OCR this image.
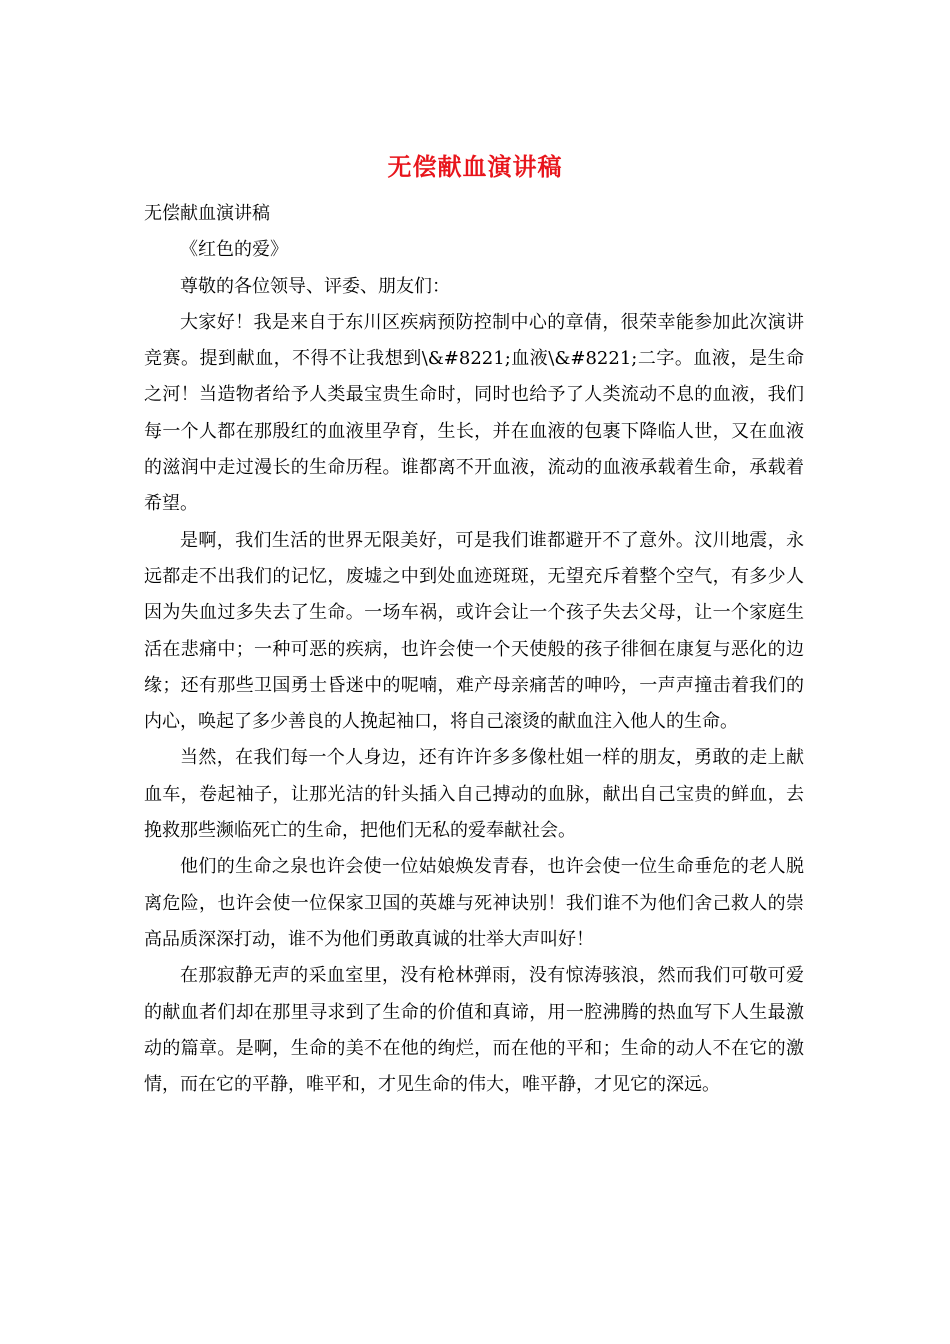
无偿献血演讲稿

无偿献血演讲稿

《红色的爱》

尊敬的各位领导、评委、朋友们：

大家好！我是来自于东川区疾病预防控制中心的章倩，很荣幸能参加此次演讲竞赛。提到献血，不得不让我想到\&#8221;血液\&#8221;二字。血液，是生命之河！当造物者给予人类最宝贵生命时，同时也给予了人类流动不息的血液，我们每一个人都在那殷红的血液里孕育，生长，并在血液的包裹下降临人世，又在血液的滋润中走过漫长的生命历程。谁都离不开血液，流动的血液承载着生命，承载着希望。

是啊，我们生活的世界无限美好，可是我们谁都避开不了意外。汶川地震，永远都走不出我们的记忆，废墟之中到处血迹斑斑，无望充斥着整个空气，有多少人因为失血过多失去了生命。一场车祸，或许会让一个孩子失去父母，让一个家庭生活在悲痛中；一种可恶的疾病，也许会使一个天使般的孩子徘徊在康复与恶化的边缘；还有那些卫国勇士昏迷中的呢喃，难产母亲痛苦的呻吟，一声声撞击着我们的内心，唤起了多少善良的人挽起袖口，将自己滚烫的献血注入他人的生命。

当然，在我们每一个人身边，还有许许多多像杜姐一样的朋友，勇敢的走上献血车，卷起袖子，让那光洁的针头插入自己搏动的血脉，献出自己宝贵的鲜血，去挽救那些濒临死亡的生命，把他们无私的爱奉献社会。

他们的生命之泉也许会使一位姑娘焕发青春，也许会使一位生命垂危的老人脱离危险，也许会使一位保家卫国的英雄与死神诀别！我们谁不为他们舍己救人的崇高品质深深打动，谁不为他们勇敢真诚的壮举大声叫好！

在那寂静无声的采血室里，没有枪林弹雨，没有惊涛骇浪，然而我们可敬可爱的献血者们却在那里寻求到了生命的价值和真谛，用一腔沸腾的热血写下人生最激动的篇章。是啊，生命的美不在他的绚烂，而在他的平和；生命的动人不在它的激情，而在它的平静，唯平和，才见生命的伟大，唯平静，才见它的深远。
